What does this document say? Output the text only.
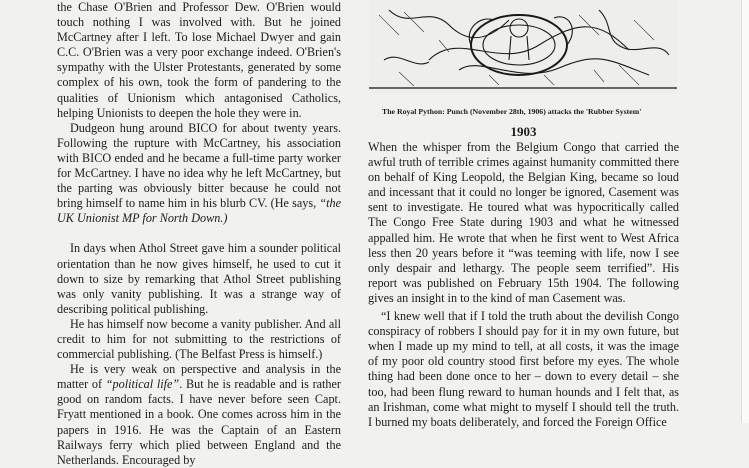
the Chase O'Brien and Professor Dew. O'Brien would touch nothing I was involved with. But he joined McCartney after I left. To lose Michael Dwyer and gain C.C. O'Brien was a very poor exchange indeed. O'Brien's sympathy with the Ulster Protestants, generated by some complex of his own, took the form of pandering to the qualities of Unionism which antagonised Catholics, helping Unionists to deepen the hole they were in.

Dudgeon hung around BICO for about twenty years. Following the rupture with McCartney, his association with BICO ended and he became a full-time party worker for McCartney. I have no idea why he left McCartney, but the parting was obviously bitter because he could not bring himself to name him in his blurb CV. (He says, “the UK Unionist MP for North Down.)

In days when Athol Street gave him a sounder political orientation than he now gives himself, he used to cut it down to size by remarking that Athol Street publishing was only vanity publishing. It was a strange way of describing political publishing.

He has himself now become a vanity publisher. And all credit to him for not submitting to the restrictions of commercial publishing. (The Belfast Press is himself.)

He is very weak on perspective and analysis in the matter of “political life”. But he is readable and is rather good on random facts. I have never before seen Capt. Fryatt mentioned in a book. One comes across him in the papers in 1916. He was the Captain of an Eastern Railways ferry which plied between England and the Netherlands. Encouraged by

The Royal Python: Punch (November 28th, 1906) attacks the 'Rubber System'
1903

When the whisper from the Belgium Congo that carried the awful truth of terrible crimes against humanity committed there on behalf of King Leopold, the Belgian King, became so loud and incessant that it could no longer be ignored, Casement was sent to investigate. He toured what was hypocritically called The Congo Free State during 1903 and what he witnessed appalled him. He wrote that when he first went to West Africa less then 20 years before it “was teeming with life, now I see only despair and lethargy. The people seem terrified”. His report was published on February 15th 1904. The following gives an insight in to the kind of man Casement was.

“I knew well that if I told the truth about the devilish Congo conspiracy of robbers I should pay for it in my own future, but when I made up my mind to tell, at all costs, it was the image of my poor old country stood first before my eyes. The whole thing had been done once to her – down to every detail – she too, had been flung reward to human hounds and I felt that, as an Irishman, come what might to myself I should tell the truth. I burned my boats deliberately, and forced the Foreign Office
